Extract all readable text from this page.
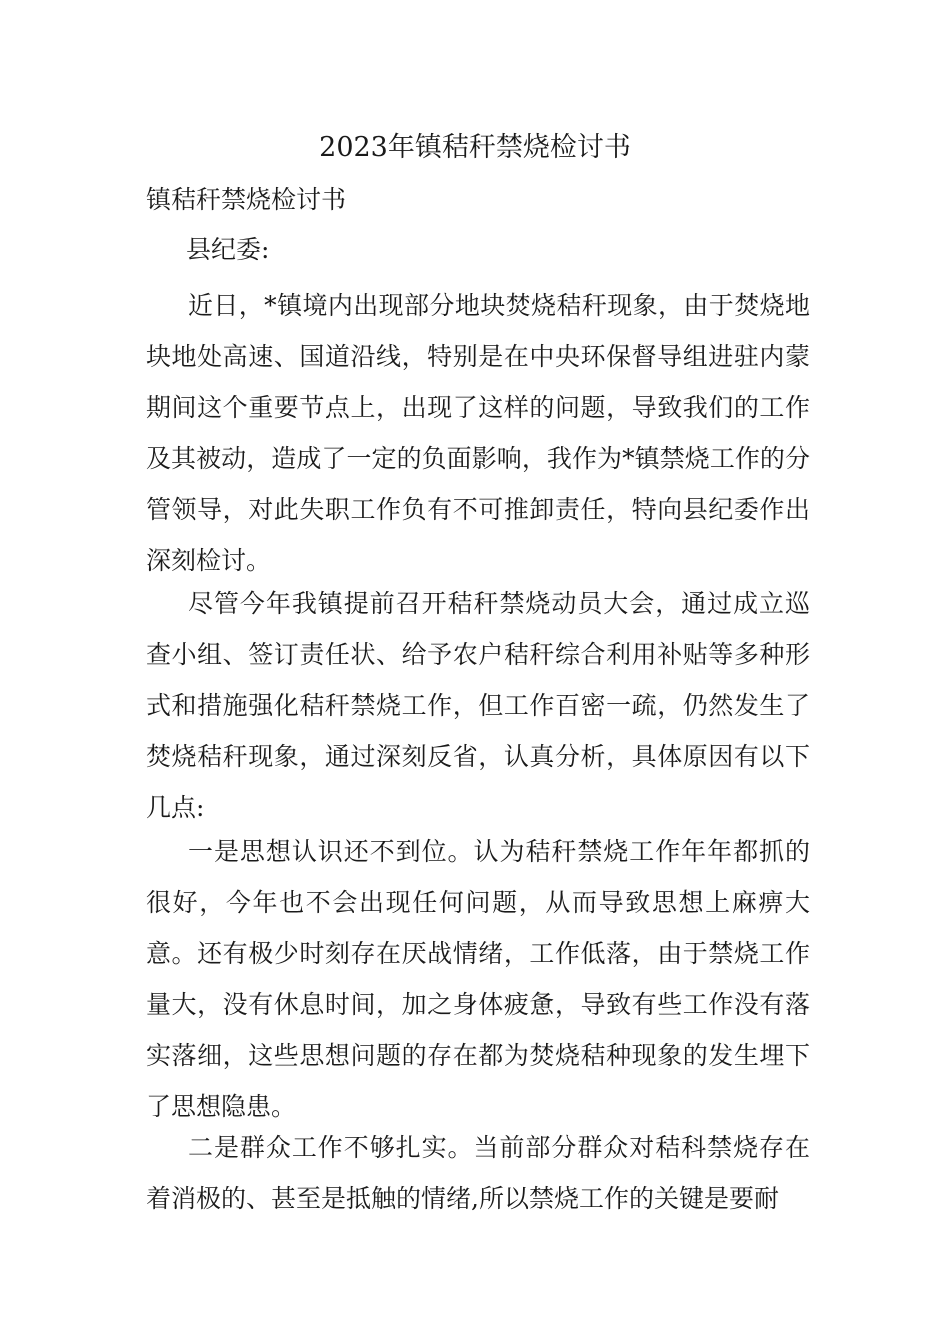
2023年镇秸秆禁烧检讨书

镇秸秆禁烧检讨书

县纪委:

近日，*镇境内出现部分地块焚烧秸秆现象，由于焚烧地块地处高速、国道沿线，特别是在中央环保督导组进驻内蒙期间这个重要节点上，出现了这样的问题，导致我们的工作及其被动，造成了一定的负面影响，我作为*镇禁烧工作的分管领导，对此失职工作负有不可推卸责任，特向县纪委作出深刻检讨。

尽管今年我镇提前召开秸秆禁烧动员大会，通过成立巡查小组、签订责任状、给予农户秸秆综合利用补贴等多种形式和措施强化秸秆禁烧工作，但工作百密一疏，仍然发生了焚烧秸秆现象，通过深刻反省，认真分析，具体原因有以下几点:

一是思想认识还不到位。认为秸秆禁烧工作年年都抓的很好，今年也不会出现任何问题，从而导致思想上麻痹大意。还有极少时刻存在厌战情绪，工作低落，由于禁烧工作量大，没有休息时间，加之身体疲惫，导致有些工作没有落实落细，这些思想问题的存在都为焚烧秸种现象的发生埋下了思想隐患。

二是群众工作不够扎实。当前部分群众对秸科禁烧存在着消极的、甚至是抵触的情绪,所以禁烧工作的关键是要耐
